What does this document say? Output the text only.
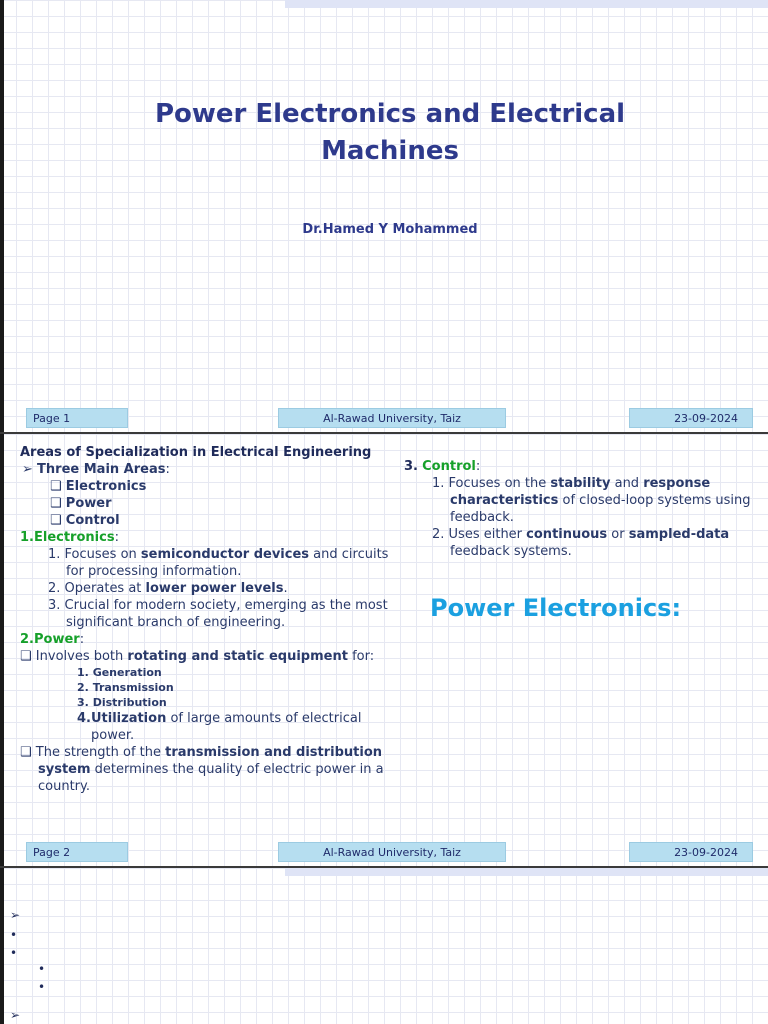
Power Electronics and Electrical Machines
Dr.Hamed Y Mohammed
Page 1	Al-Rawad University, Taiz	23-09-2024
Areas of Specialization in Electrical Engineering
➢ Three Main Areas:
❑ Electronics
❑ Power
❑ Control
1.Electronics:
1. Focuses on semiconductor devices and circuits for processing information.
2. Operates at lower power levels.
3. Crucial for modern society, emerging as the most significant branch of engineering.
2.Power:
❑ Involves both rotating and static equipment for:
1. Generation
2. Transmission
3. Distribution
4.Utilization of large amounts of electrical power.
❑ The strength of the transmission and distribution system determines the quality of electric power in a country.
3. Control:
1. Focuses on the stability and response characteristics of closed-loop systems using feedback.
2. Uses either continuous or sampled-data feedback systems.
Power Electronics:
Page 2	Al-Rawad University, Taiz	23-09-2024
➢
•
•
•
•
➢
